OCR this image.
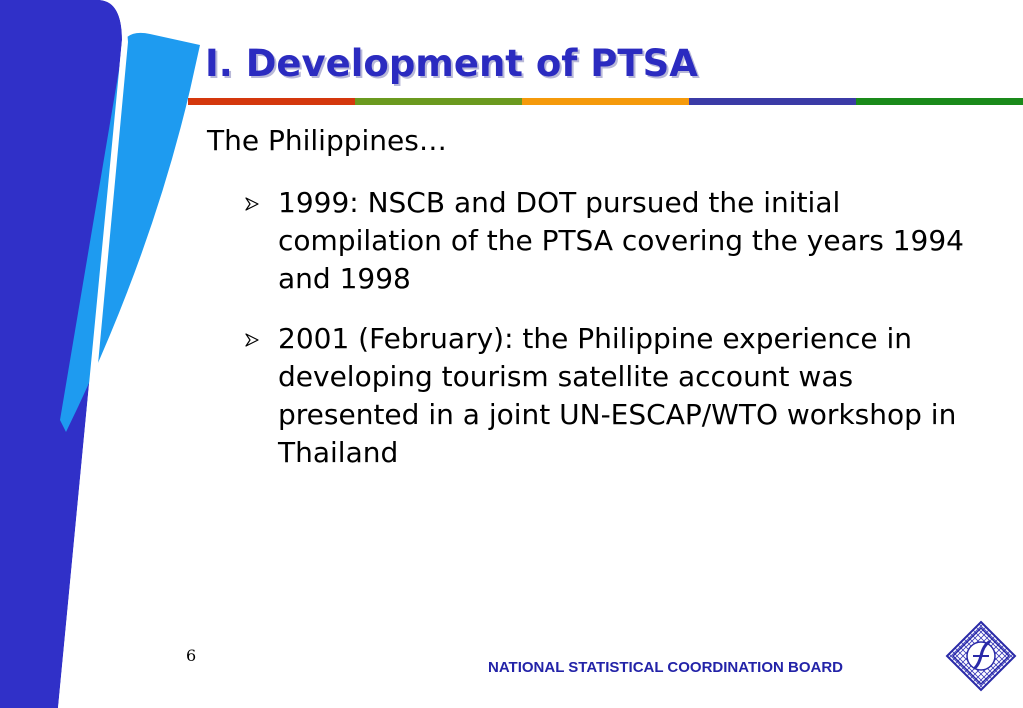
I. Development of PTSA
The Philippines…
1999: NSCB and DOT pursued the initial compilation of the PTSA covering the years 1994 and 1998
2001 (February): the Philippine experience in developing tourism satellite account was presented in a joint UN-ESCAP/WTO workshop in Thailand
6
NATIONAL STATISTICAL COORDINATION BOARD
